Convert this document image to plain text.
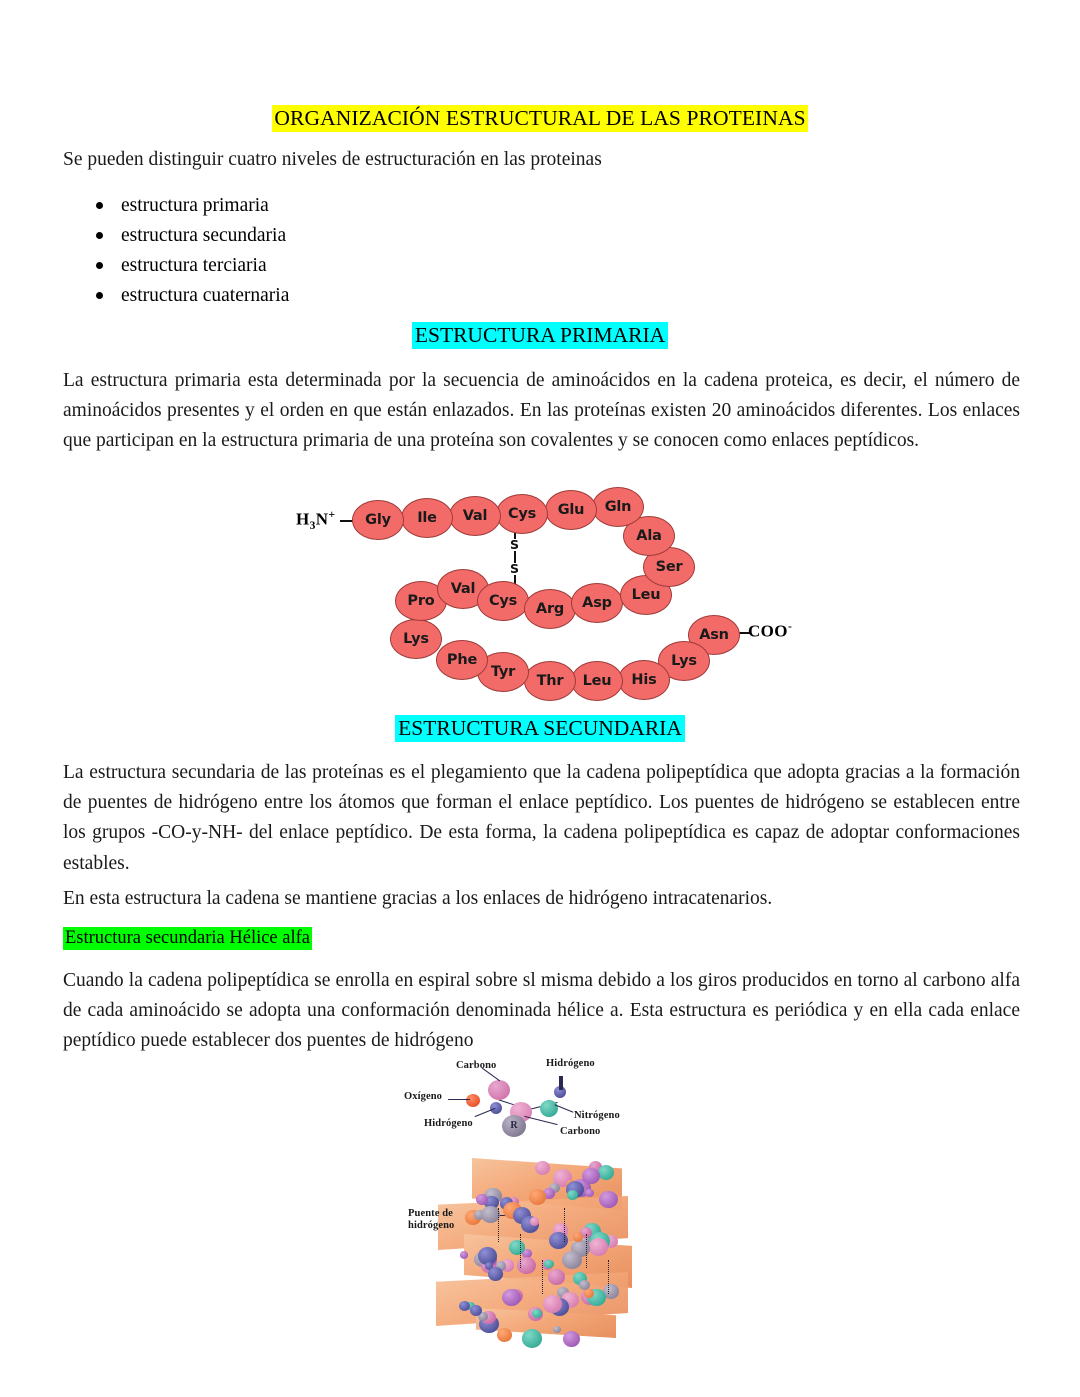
ORGANIZACIÓN ESTRUCTURAL DE LAS PROTEINAS
Se pueden distinguir cuatro niveles de estructuración en las proteinas
estructura primaria
estructura secundaria
estructura terciaria
estructura cuaternaria
ESTRUCTURA PRIMARIA
La estructura primaria esta determinada por la secuencia de aminoácidos en la cadena proteica, es decir, el número de aminoácidos presentes y el orden en que están enlazados. En las proteínas existen 20 aminoácidos diferentes. Los enlaces que participan en la estructura primaria de una proteína son covalentes y se conocen como enlaces peptídicos.
$H_3N^+$
COO-
S
S
Gly Ile Val Cys Glu Gln
Ala
Ser
Leu
Asp
Arg
Cys
Val
Pro
Lys
Phe
Tyr
Thr Leu His
Lys
Asn
ESTRUCTURA SECUNDARIA
La estructura secundaria de las proteínas es el plegamiento que la cadena polipeptídica que adopta gracias a la formación de puentes de hidrógeno entre los átomos que forman el enlace peptídico. Los puentes de hidrógeno se establecen entre los grupos -CO-y-NH- del enlace peptídico. De esta forma, la cadena polipeptídica es capaz de adoptar conformaciones estables.
En esta estructura la cadena se mantiene gracias a los enlaces de hidrógeno intracatenarios.
Estructura secundaria Hélice alfa
Cuando la cadena polipeptídica se enrolla en espiral sobre sl misma debido a los giros producidos en torno al carbono alfa de cada aminoácido se adopta una conformación denominada hélice a. Esta estructura es periódica y en ella cada enlace peptídico puede establecer dos puentes de hidrógeno
R
Carbono	Hidrógeno
Oxígeno
Nitrógeno
Hidrógeno
Carbono
Puente de hidrógeno
